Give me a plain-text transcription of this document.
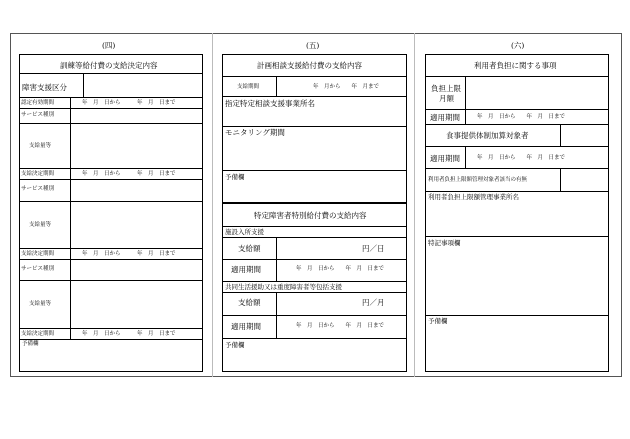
(四)
訓練等給付費の支給決定内容
障害支援区分
認定有効期間	年　月　日から　　　年　月　日まで
サービス種別
支給量等
支給決定期間	年　月　日から　　　年　月　日まで
サービス種別
支給量等
支給決定期間	年　月　日から　　　年　月　日まで
サービス種別
支給量等
支給決定期間	年　月　日から　　　年　月　日まで
予備欄
(五)
計画相談支援給付費の支給内容
支給期間	年　月から　　年　月まで
指定特定相談支援事業所名
モニタリング期間
予備欄
特定障害者特別給付費の支給内容
施設入所支援
支給額	円／日
適用期間	年　月　日から　　年　月　日まで
共同生活援助又は重度障害者等包括支援
支給額	円／月
適用期間	年　月　日から　　年　月　日まで
予備欄
(六)
利用者負担に関する事項
負担上限
月額
適用期間	年　月　日から　　年　月　日まで
食事提供体制加算対象者
適用期間	年　月　日から　　年　月　日まで
利用者負担上限額管理対象者該当の有無
利用者負担上限額管理事業所名
特記事項欄
予備欄
